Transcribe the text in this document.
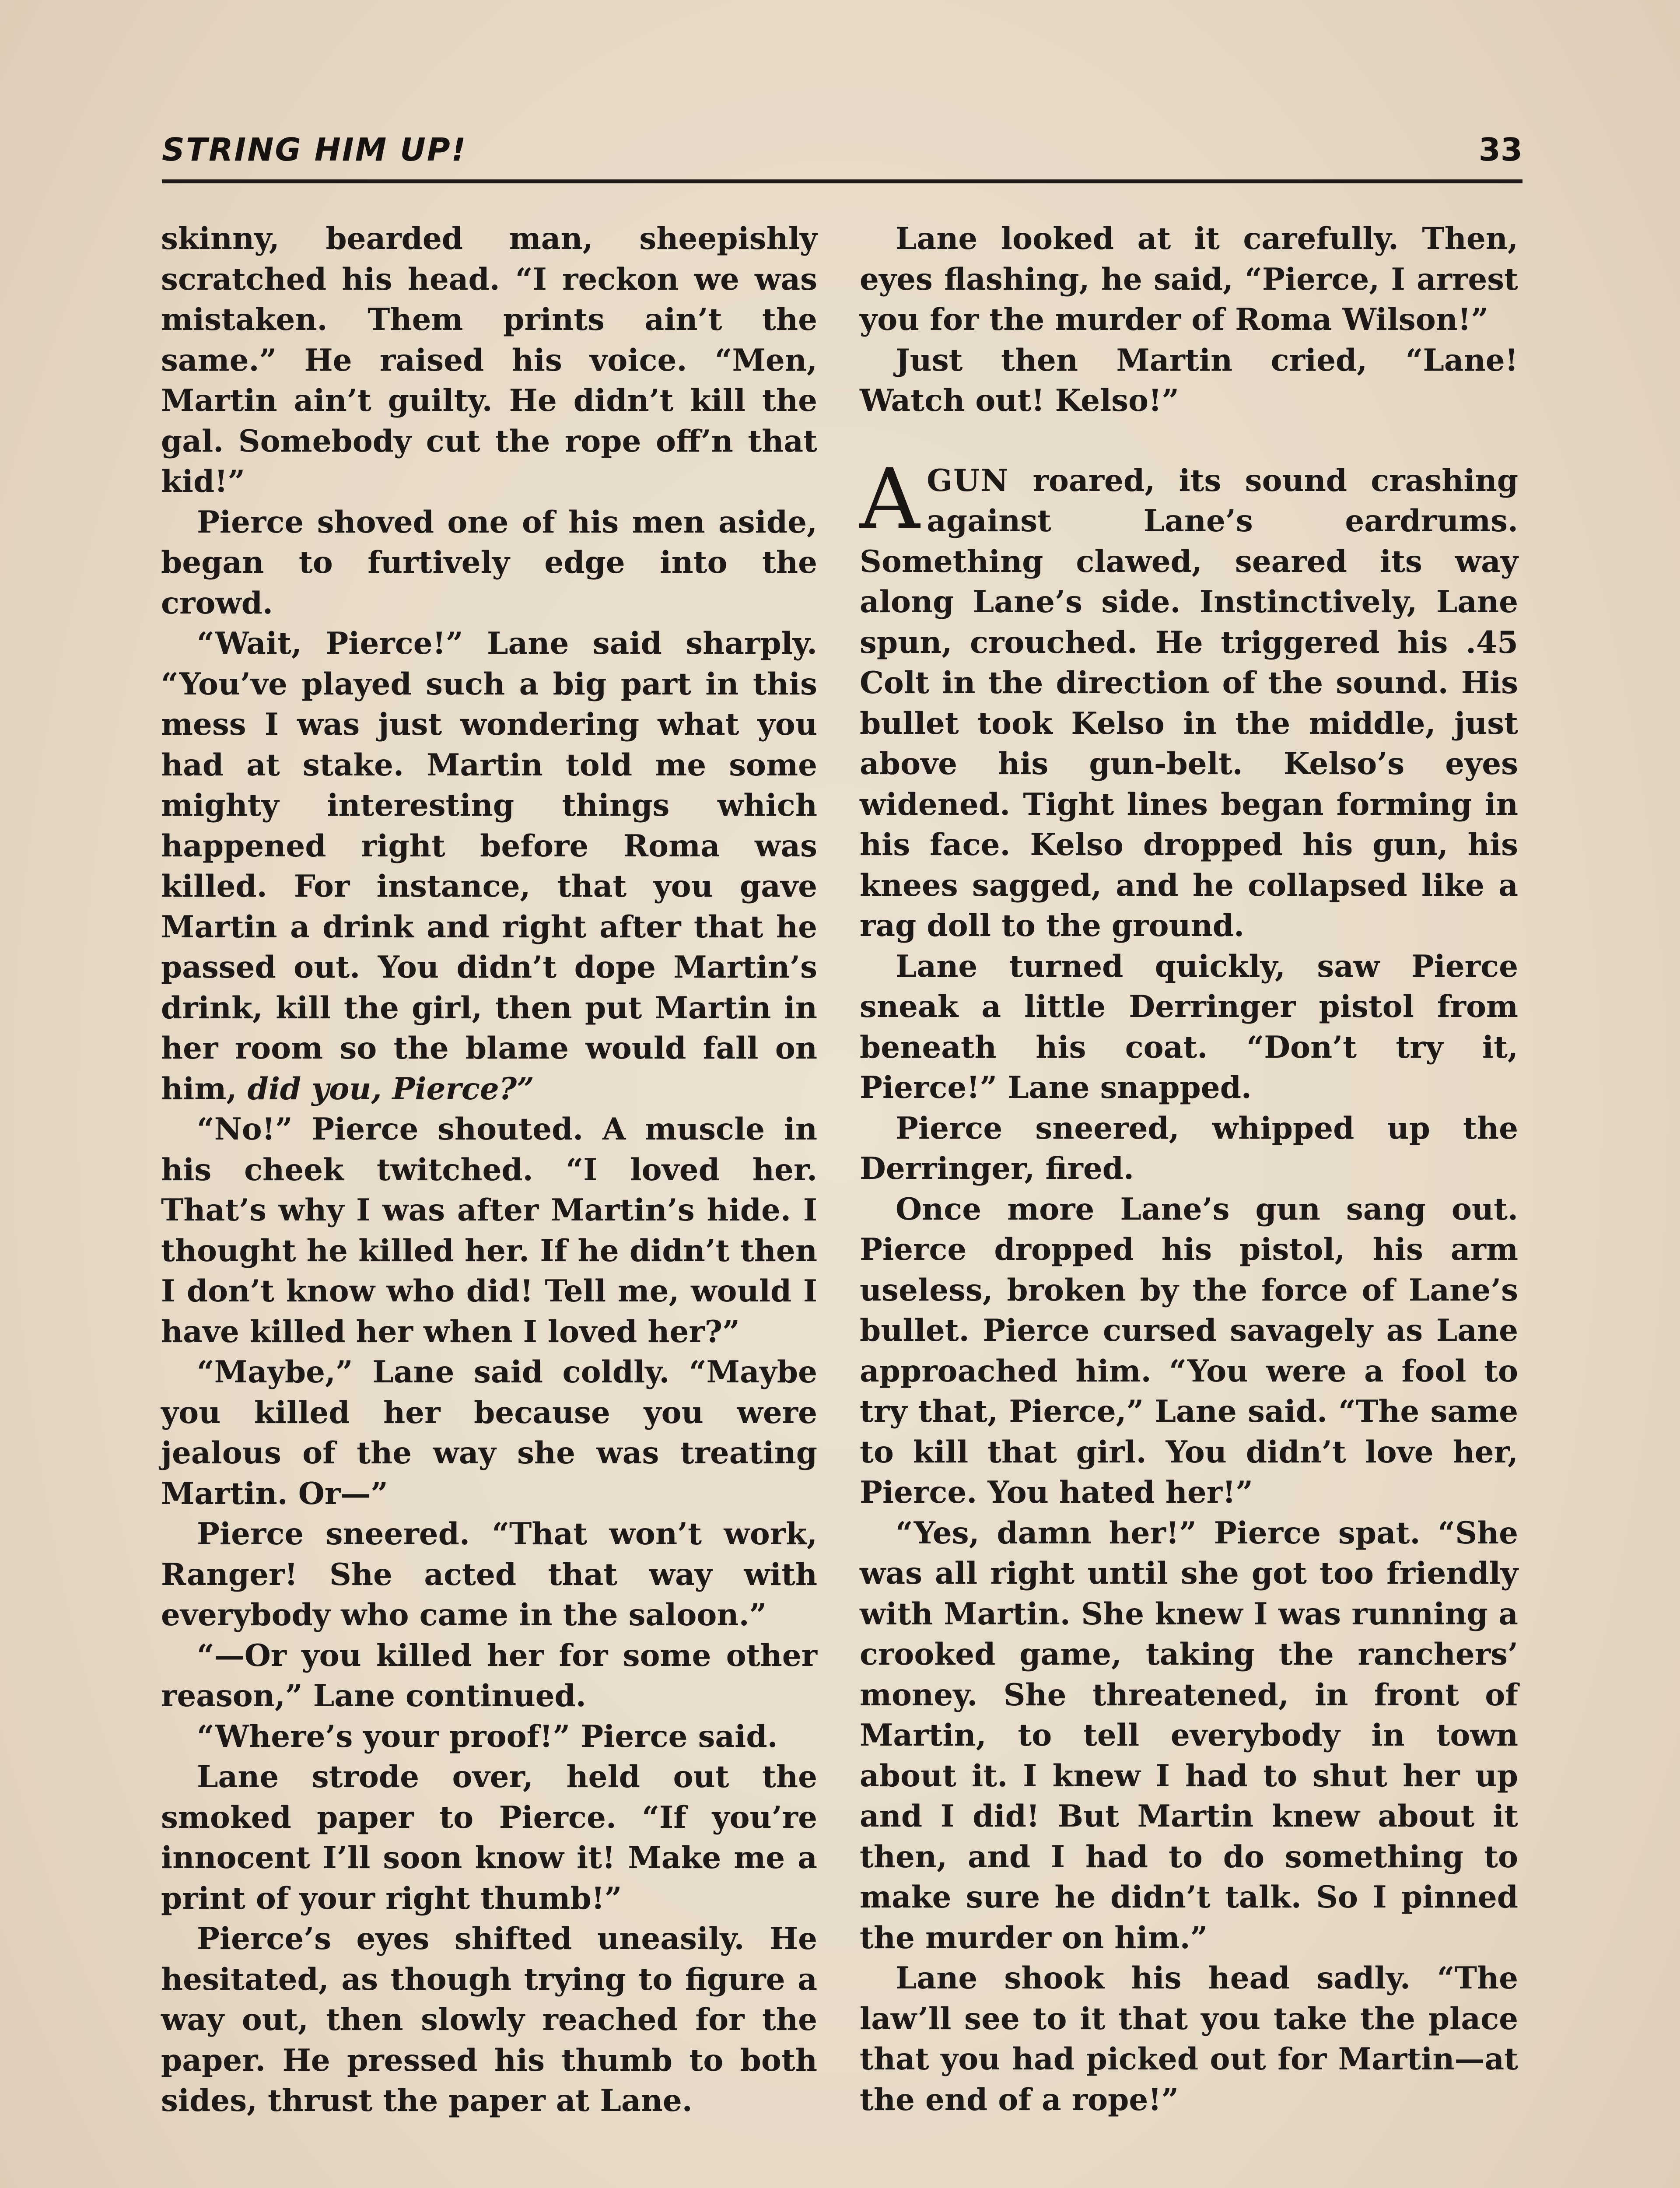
STRING HIM UP!	33

skinny, bearded man, sheepishly scratched his head. “I reckon we was mistaken. Them prints ain’t the same.” He raised his voice. “Men, Martin ain’t guilty. He didn’t kill the gal. Somebody cut the rope off’n that kid!”

Pierce shoved one of his men aside, began to furtively edge into the crowd.

“Wait, Pierce!” Lane said sharply. “You’ve played such a big part in this mess I was just wondering what you had at stake. Martin told me some mighty interesting things which happened right before Roma was killed. For instance, that you gave Martin a drink and right after that he passed out. You didn’t dope Martin’s drink, kill the girl, then put Martin in her room so the blame would fall on him, did you, Pierce?”

“No!” Pierce shouted. A muscle in his cheek twitched. “I loved her. That’s why I was after Martin’s hide. I thought he killed her. If he didn’t then I don’t know who did! Tell me, would I have killed her when I loved her?”

“Maybe,” Lane said coldly. “Maybe you killed her because you were jealous of the way she was treating Martin. Or—”

Pierce sneered. “That won’t work, Ranger! She acted that way with everybody who came in the saloon.”

“—Or you killed her for some other reason,” Lane continued.

“Where’s your proof!” Pierce said.

Lane strode over, held out the smoked paper to Pierce. “If you’re innocent I’ll soon know it! Make me a print of your right thumb!”

Pierce’s eyes shifted uneasily. He hesitated, as though trying to figure a way out, then slowly reached for the paper. He pressed his thumb to both sides, thrust the paper at Lane.

Lane looked at it carefully. Then, eyes flashing, he said, “Pierce, I arrest you for the murder of Roma Wilson!”

Just then Martin cried, “Lane! Watch out! Kelso!”

AGUN roared, its sound crashing against Lane’s eardrums. Something clawed, seared its way along Lane’s side. Instinctively, Lane spun, crouched. He triggered his .45 Colt in the direction of the sound. His bullet took Kelso in the middle, just above his gun-belt. Kelso’s eyes widened. Tight lines began forming in his face. Kelso dropped his gun, his knees sagged, and he collapsed like a rag doll to the ground.

Lane turned quickly, saw Pierce sneak a little Derringer pistol from beneath his coat. “Don’t try it, Pierce!” Lane snapped.

Pierce sneered, whipped up the Derringer, fired.

Once more Lane’s gun sang out. Pierce dropped his pistol, his arm useless, broken by the force of Lane’s bullet. Pierce cursed savagely as Lane approached him. “You were a fool to try that, Pierce,” Lane said. “The same to kill that girl. You didn’t love her, Pierce. You hated her!”

“Yes, damn her!” Pierce spat. “She was all right until she got too friendly with Martin. She knew I was running a crooked game, taking the ranchers’ money. She threatened, in front of Martin, to tell everybody in town about it. I knew I had to shut her up and I did! But Martin knew about it then, and I had to do something to make sure he didn’t talk. So I pinned the murder on him.”

Lane shook his head sadly. “The law’ll see to it that you take the place that you had picked out for Martin—at the end of a rope!”
